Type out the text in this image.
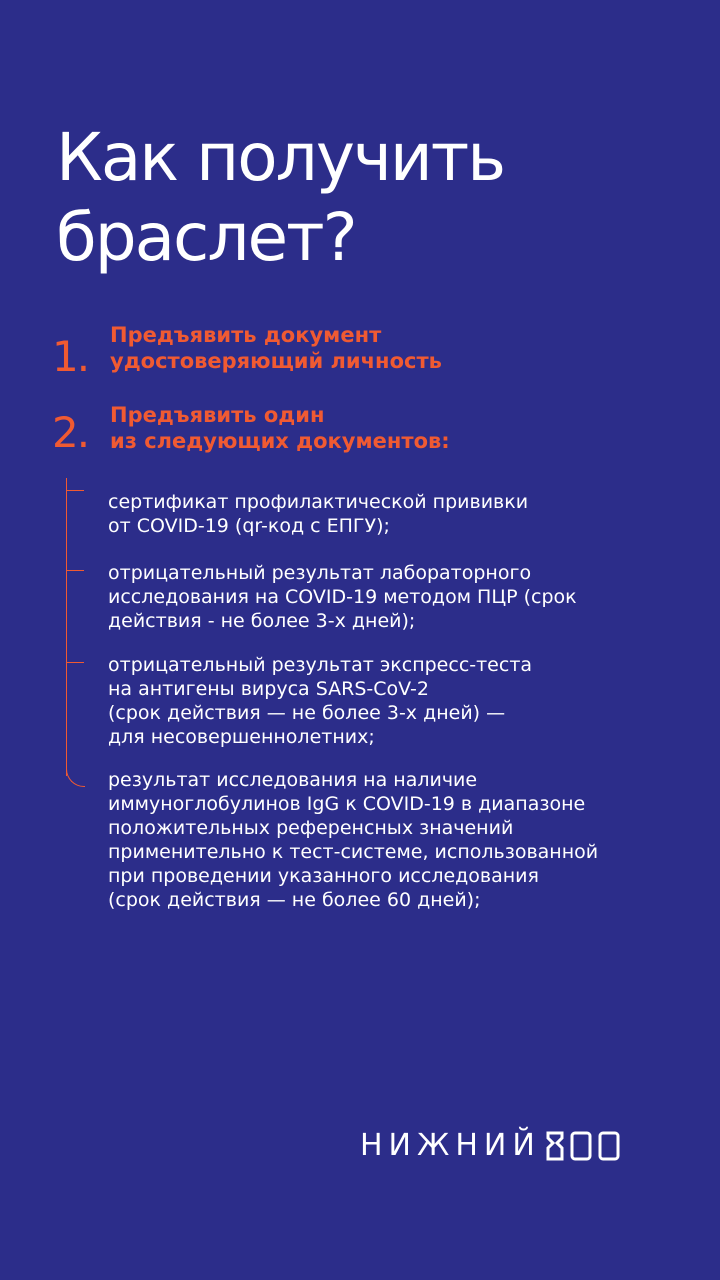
Как получить
браслет?
1. Предъявить документ
удостоверяющий личность
2. Предъявить один
из следующих документов:
сертификат профилактической прививки
от COVID-19 (qr-код с ЕПГУ);
отрицательный результат лабораторного
исследования на COVID-19 методом ПЦР (срок
действия - не более 3-х дней);
отрицательный результат экспресс-теста
на антигены вируса SARS-CoV-2
(срок действия — не более 3-х дней) —
для несовершеннолетних;
результат исследования на наличие
иммуноглобулинов IgG к COVID-19 в диапазоне
положительных референсных значений
применительно к тест-системе, использованной
при проведении указанного исследования
(срок действия — не более 60 дней);
НИЖНИЙ
